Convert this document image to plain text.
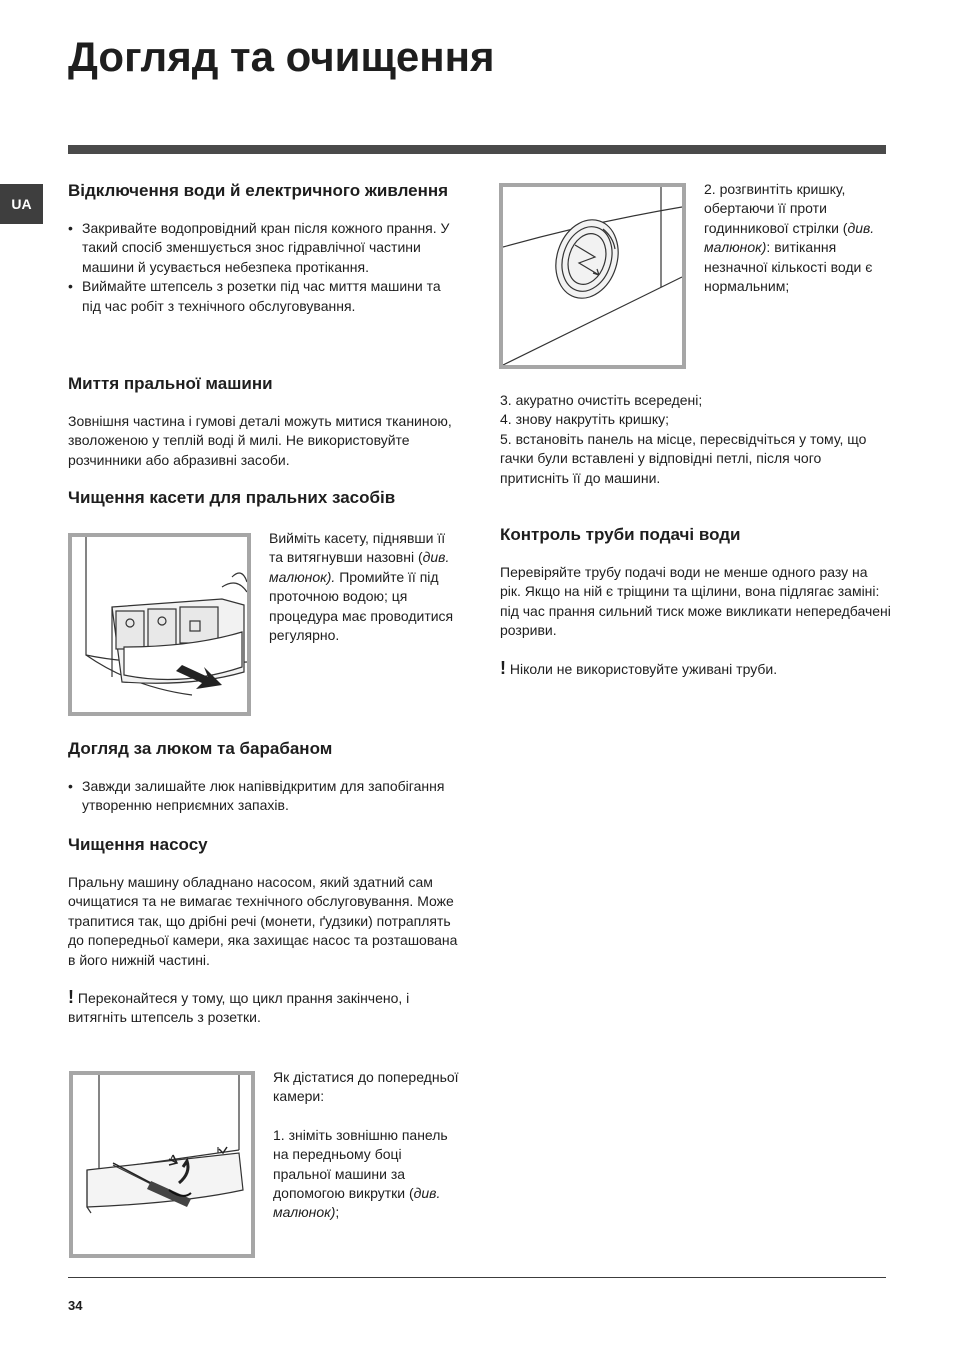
Догляд та очищення
UA
Відключення води й електричного живлення
• Закривайте водопровідний кран після кожного прання. У такий спосіб зменшується знос гідравлічної частини машини й усувається небезпека протікання.
• Виймайте штепсель з розетки під час миття машини та під час робіт з технічного обслуговування.
Миття пральної машини

Зовнішня частина і гумові деталі можуть митися тканиною, зволоженою у теплій воді й милі. Не використовуйте розчинники або абразивні засоби.

Чищення касети для пральних засобів

Вийміть касету, піднявши її та витягнувши назовні (див. малюнок). Промийте її під проточною водою; ця процедура має проводитися регулярно.

Догляд за люком та барабаном
• Завжди залишайте люк напіввідкритим для запобігання утворенню неприємних запахів.
Чищення насосу

Пральну машину обладнано насосом, який здатний сам очищатися та не вимагає технічного обслуговування. Може трапитися так, що дрібні речі (монети, ґудзики) потраплять до попередньої камери, яка захищає насос та розташована в його нижній частині.

! Переконайтеся у тому, що цикл прання закінчено, і витягніть штепсель з розетки.

Як дістатися до попередньої камери:

1. зніміть зовнішню панель на передньому боці пральної машини за допомогою викрутки (див. малюнок);

2. розгвинтіть кришку, обертаючи її проти годинникової стрілки (див. малюнок): витікання незначної кількості води є нормальним;

3. акуратно очистіть всередені;

4. знову накрутіть кришку;

5. встановіть панель на місце, пересвідчіться у тому, що гачки були вставлені у відповідні петлі, після чого притисніть її до машини.

Контроль труби подачі води

Перевіряйте трубу подачі води не менше одного разу на рік. Якщо на ній є тріщини та щілини, вона підлягає заміні: під час прання сильний тиск може викликати непередбачені розриви.

! Ніколи не використовуйте уживані труби.

34
